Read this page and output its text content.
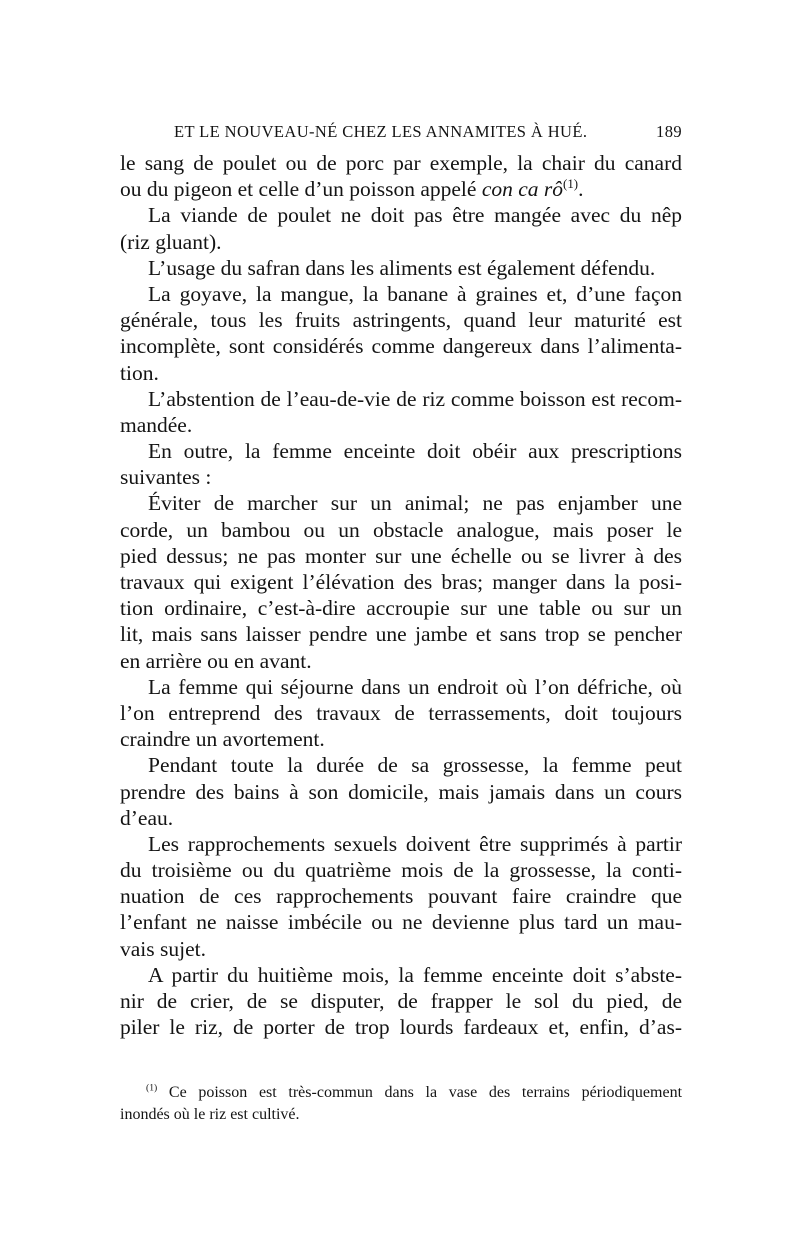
ET LE NOUVEAU-NÉ CHEZ LES ANNAMITES À HUÉ.	189
le sang de poulet ou de porc par exemple, la chair du canard
ou du pigeon et celle d’un poisson appelé con ca $rô^{(1)}$.
La viande de poulet ne doit pas être mangée avec du nêp
(riz gluant).
L’usage du safran dans les aliments est également défendu.
La goyave, la mangue, la banane à graines et, d’une façon
générale, tous les fruits astringents, quand leur maturité est
incomplète, sont considérés comme dangereux dans l’alimenta-
tion.
L’abstention de l’eau-de-vie de riz comme boisson est recom-
mandée.
En outre, la femme enceinte doit obéir aux prescriptions
suivantes :
Éviter de marcher sur un animal; ne pas enjamber une
corde, un bambou ou un obstacle analogue, mais poser le
pied dessus; ne pas monter sur une échelle ou se livrer à des
travaux qui exigent l’élévation des bras; manger dans la posi-
tion ordinaire, c’est-à-dire accroupie sur une table ou sur un
lit, mais sans laisser pendre une jambe et sans trop se pencher
en arrière ou en avant.
La femme qui séjourne dans un endroit où l’on défriche, où
l’on entreprend des travaux de terrassements, doit toujours
craindre un avortement.
Pendant toute la durée de sa grossesse, la femme peut
prendre des bains à son domicile, mais jamais dans un cours
d’eau.
Les rapprochements sexuels doivent être supprimés à partir
du troisième ou du quatrième mois de la grossesse, la conti-
nuation de ces rapprochements pouvant faire craindre que
l’enfant ne naisse imbécile ou ne devienne plus tard un mau-
vais sujet.
A partir du huitième mois, la femme enceinte doit s’abste-
nir de crier, de se disputer, de frapper le sol du pied, de
piler le riz, de porter de trop lourds fardeaux et, enfin, d’as-
$^{(1)}$ Ce poisson est très-commun dans la vase des terrains périodiquement
inondés où le riz est cultivé.
